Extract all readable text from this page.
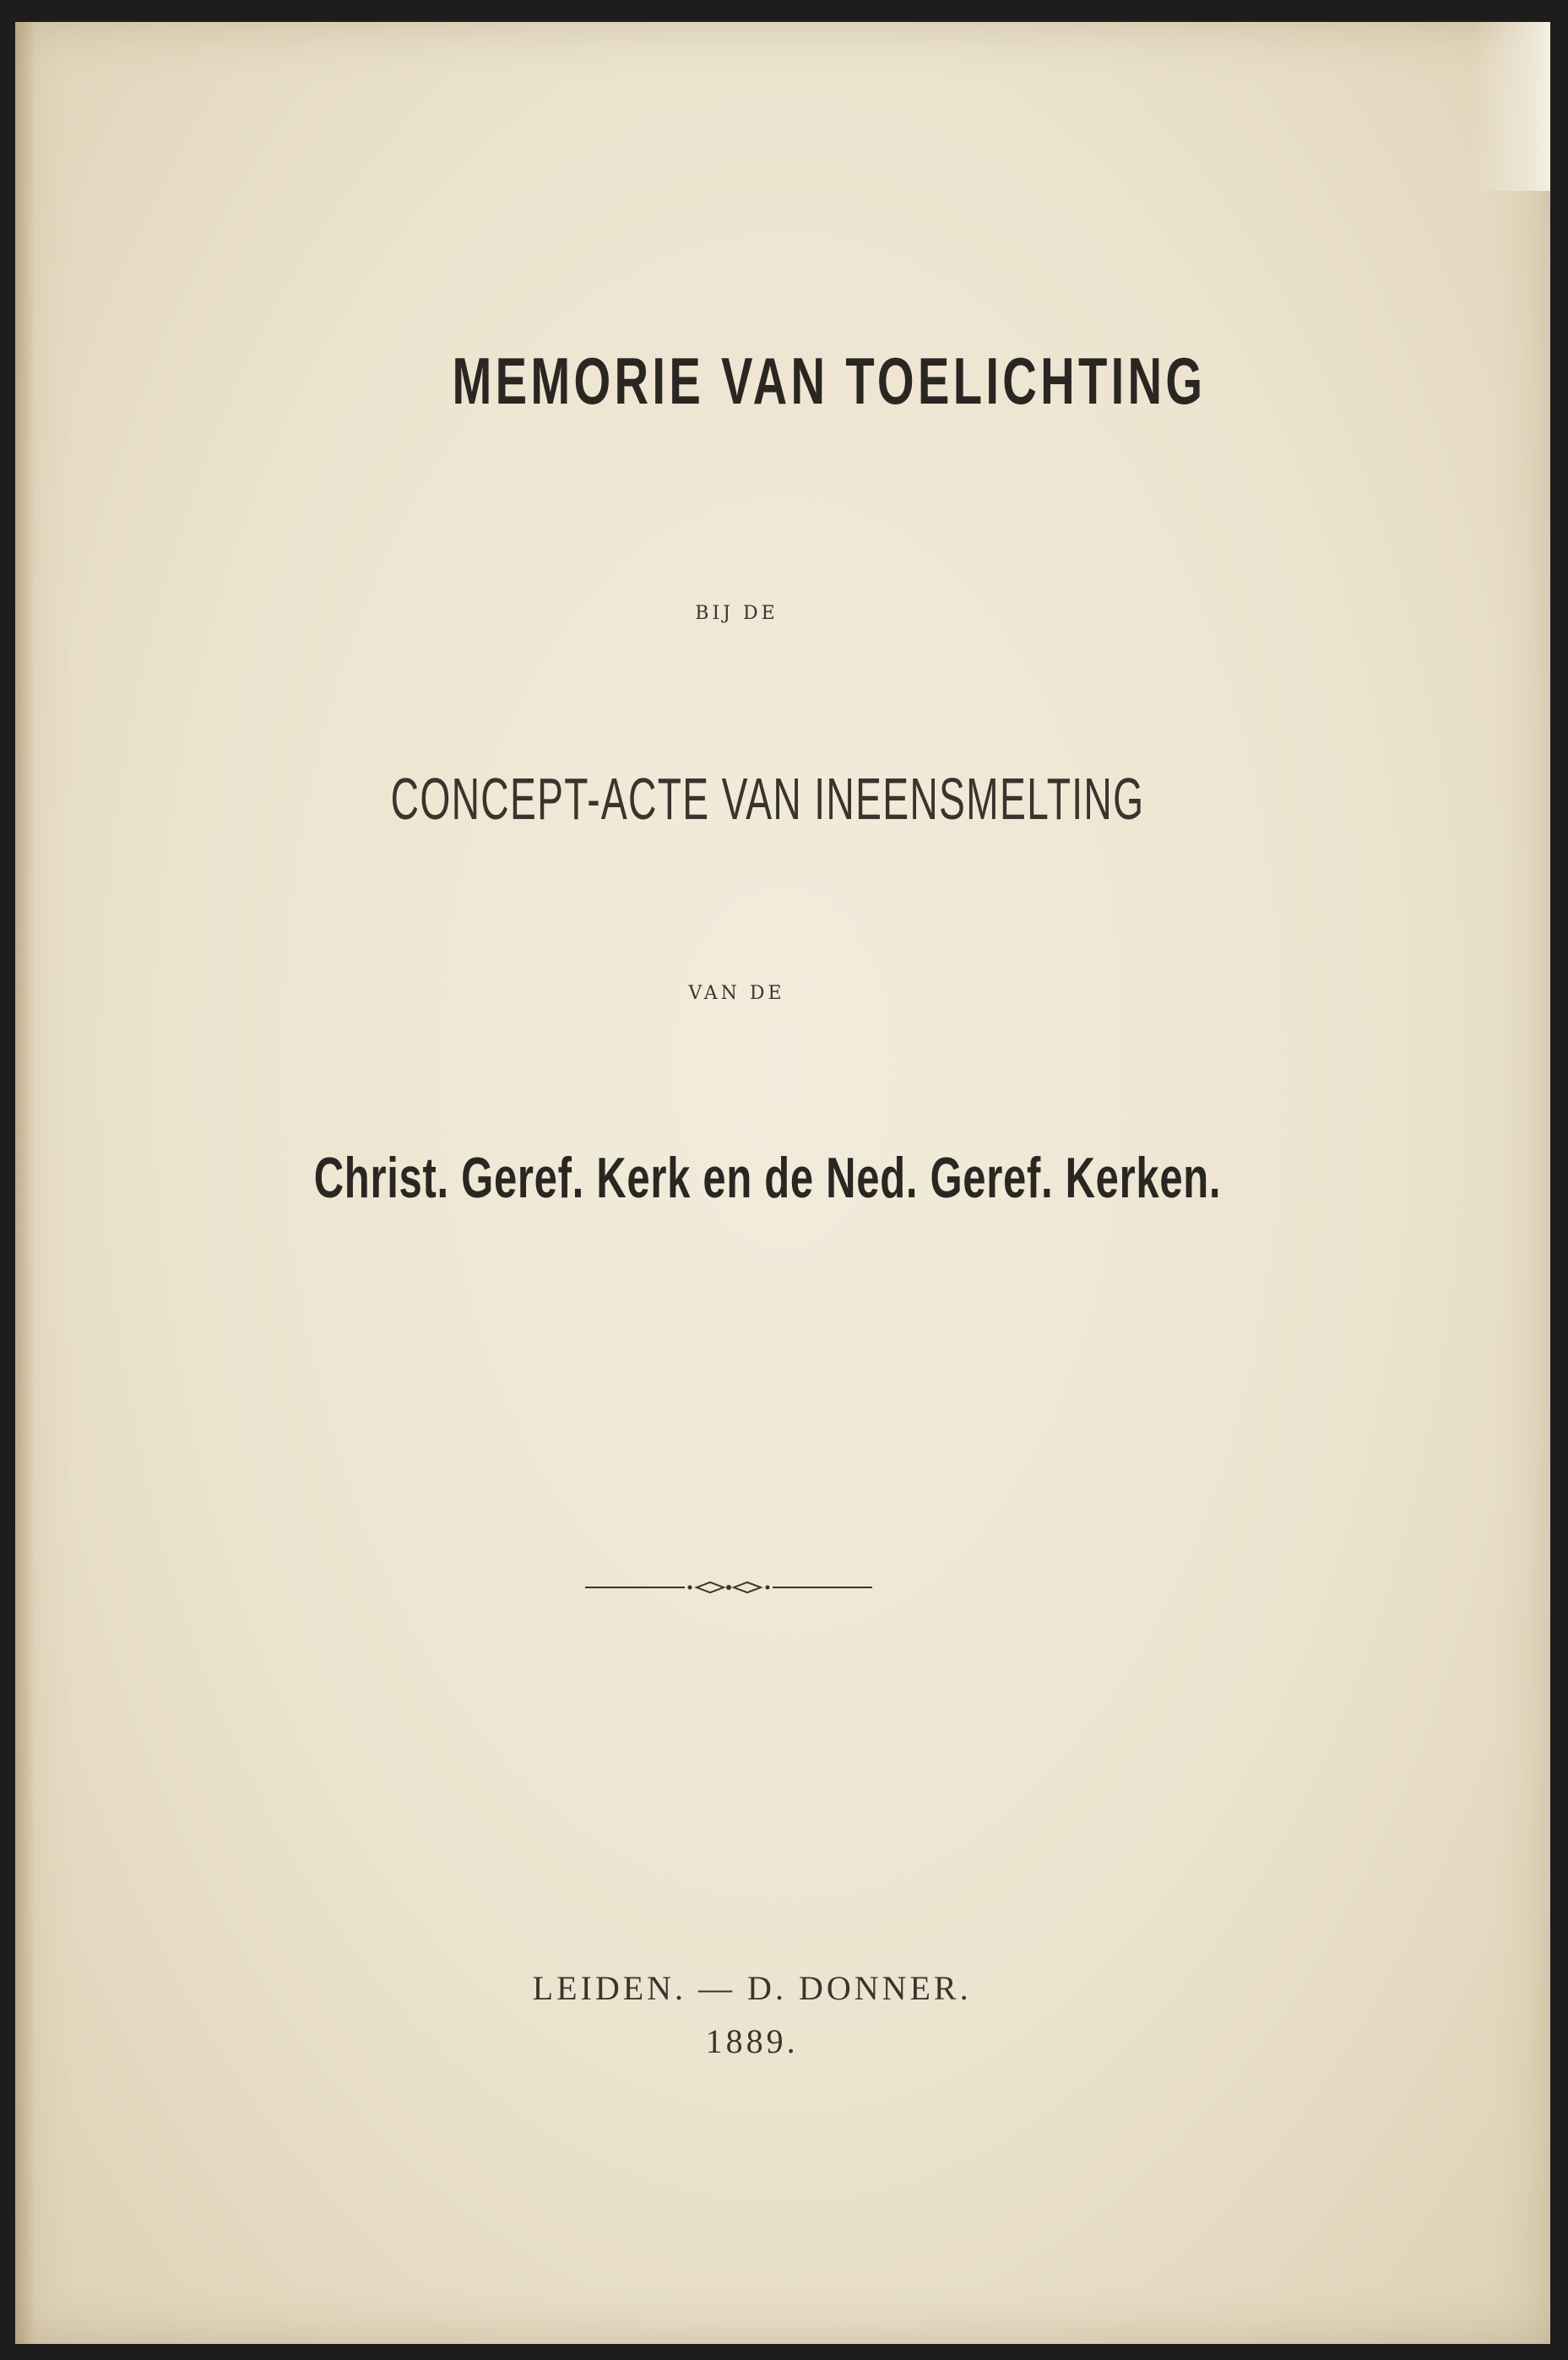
MEMORIE VAN TOELICHTING
BIJ DE
CONCEPT-ACTE VAN INEENSMELTING
VAN DE
Christ. Geref. Kerk en de Ned. Geref. Kerken.
LEIDEN. — D. DONNER.
1889.
